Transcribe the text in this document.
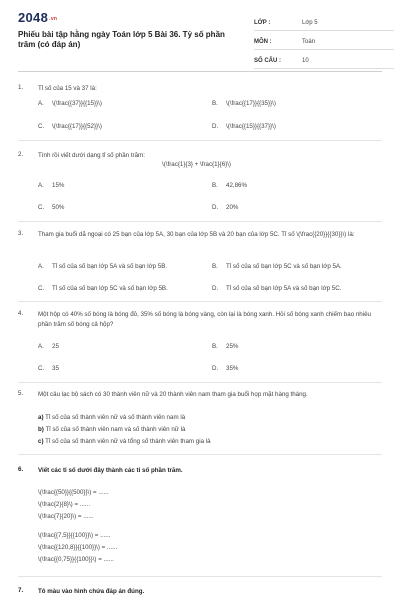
$2048^{.vn}$
Phiếu bài tập hằng ngày Toán lớp 5 Bài 36. Tỷ số phần trăm (có đáp án)
LỚP :	Lớp 5
MÔN :	Toán
SỐ CÂU :	10
1.	Tỉ số của 15 và 37 là:
A. \(\frac{{37}}{{15}}\)	B. \(\frac{{17}}{{35}}\)
C. \(\frac{{17}}{{52}}\)	D. \(\frac{{15}}{{37}}\)
2.	Tính rồi viết dưới dạng tỉ số phần trăm:
\(\frac{1}{3} + \frac{1}{6}\)
A. 15%	B. 42,86%
C. 50%	D. 20%
3.	Tham gia buổi dã ngoại có 25 bạn của lớp 5A, 30 bạn của lớp 5B và 20 bạn của lớp 5C. Tỉ số \(\frac{{20}}{{30}}\) là:
A. Tỉ số của số bạn lớp 5A và số bạn lớp 5B.	B. Tỉ số của số bạn lớp 5C và số bạn lớp 5A.
C. Tỉ số của số bạn lớp 5C và số bạn lớp 5B.	D. Tỉ số của số bạn lớp 5A và số bạn lớp 5C.
4.	Một hộp có 40% số bóng là bóng đỏ, 35% số bóng là bóng vàng, còn lại là bóng xanh. Hỏi số bóng xanh chiếm bao nhiêu phần trăm số bóng cả hộp?
A. 25	B. 25%
C. 35	D. 35%
5.	Một câu lạc bộ sách có 30 thành viên nữ và 20 thành viên nam tham gia buổi họp mặt hàng tháng.
a) Tỉ số của số thành viên nữ và số thành viên nam là
b) Tỉ số của số thành viên nam và số thành viên nữ là
c) Tỉ số của số thành viên nữ và tổng số thành viên tham gia là
6.	Viết các tỉ số dưới đây thành các tỉ số phần trăm.
\(\frac{{50}}{{500}}\) = ......
\(\frac{2}{8}\) = ......
\(\frac{7}{20}\) = ......
\(\frac{{7,5}}{{100}}\) = ......
\(\frac{{120,8}}{{100}}\) = ......
\(\frac{{0,75}}{{100}}\) = ......
7.	Tô màu vào hình chứa đáp án đúng.
